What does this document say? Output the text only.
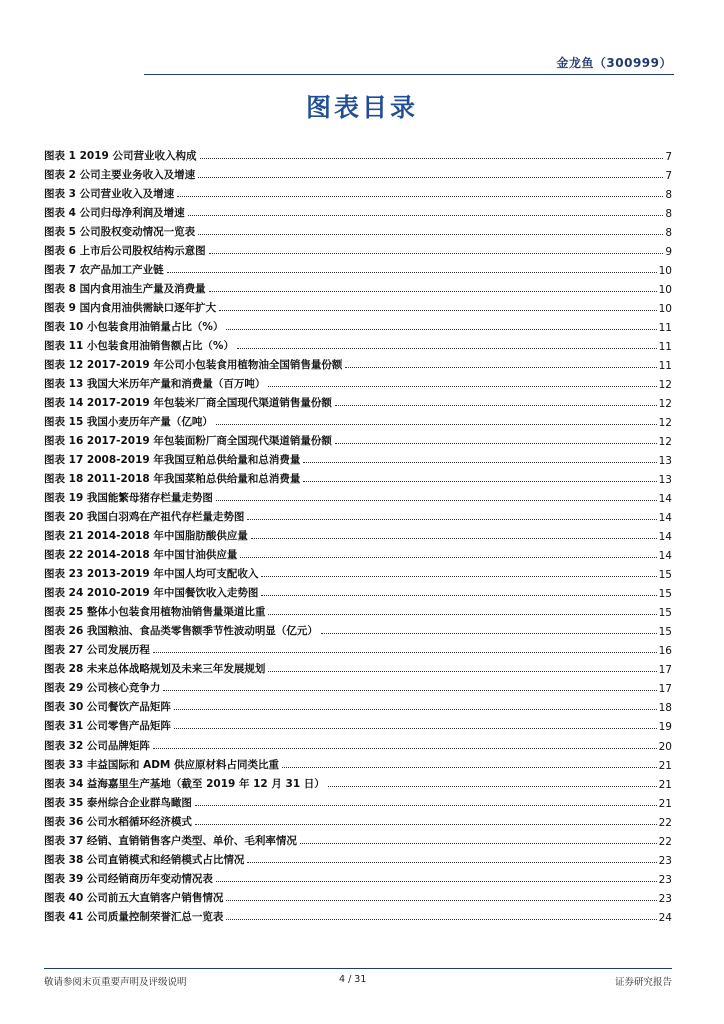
金龙鱼（300999）
图表目录
图表 1 2019 公司营业收入构成	7
图表 2 公司主要业务收入及增速	7
图表 3 公司营业收入及增速	8
图表 4 公司归母净利润及增速	8
图表 5 公司股权变动情况一览表	8
图表 6 上市后公司股权结构示意图	9
图表 7 农产品加工产业链	10
图表 8 国内食用油生产量及消费量	10
图表 9 国内食用油供需缺口逐年扩大	10
图表 10 小包装食用油销量占比（%）	11
图表 11 小包装食用油销售额占比（%）	11
图表 12 2017-2019 年公司小包装食用植物油全国销售量份额	11
图表 13 我国大米历年产量和消费量（百万吨）	12
图表 14 2017-2019 年包装米厂商全国现代渠道销售量份额	12
图表 15 我国小麦历年产量（亿吨）	12
图表 16 2017-2019 年包装面粉厂商全国现代渠道销量份额	12
图表 17 2008-2019 年我国豆粕总供给量和总消费量	13
图表 18 2011-2018 年我国菜粕总供给量和总消费量	13
图表 19 我国能繁母猪存栏量走势图	14
图表 20 我国白羽鸡在产祖代存栏量走势图	14
图表 21 2014-2018 年中国脂肪酸供应量	14
图表 22 2014-2018 年中国甘油供应量	14
图表 23 2013-2019 年中国人均可支配收入	15
图表 24 2010-2019 年中国餐饮收入走势图	15
图表 25 整体小包装食用植物油销售量渠道比重	15
图表 26 我国粮油、食品类零售额季节性波动明显（亿元）	15
图表 27 公司发展历程	16
图表 28 未来总体战略规划及未来三年发展规划	17
图表 29 公司核心竞争力	17
图表 30 公司餐饮产品矩阵	18
图表 31 公司零售产品矩阵	19
图表 32 公司品牌矩阵	20
图表 33 丰益国际和 ADM 供应原材料占同类比重	21
图表 34 益海嘉里生产基地（截至 2019 年 12 月 31 日）	21
图表 35 泰州综合企业群鸟瞰图	21
图表 36 公司水稻循环经济模式	22
图表 37 经销、直销销售客户类型、单价、毛利率情况	22
图表 38 公司直销模式和经销模式占比情况	23
图表 39 公司经销商历年变动情况表	23
图表 40 公司前五大直销客户销售情况	23
图表 41 公司质量控制荣誉汇总一览表	24
敬请参阅末页重要声明及评级说明	4 / 31	证券研究报告
